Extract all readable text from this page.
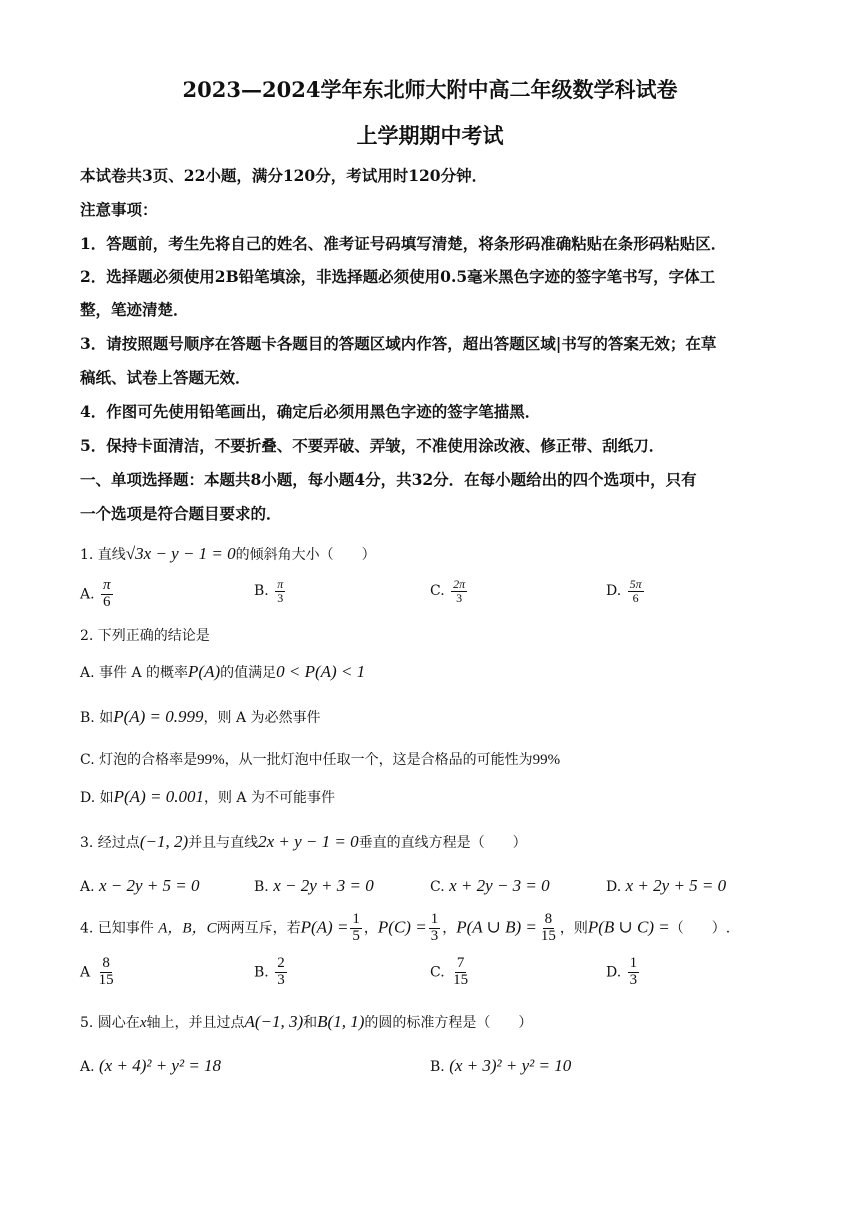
2023—2024学年东北师大附中高二年级数学科试卷
上学期期中考试
本试卷共3页、22小题，满分120分，考试用时120分钟．
注意事项：
1．答题前，考生先将自己的姓名、准考证号码填写清楚，将条形码准确粘贴在条形码粘贴区．
2．选择题必须使用2B铅笔填涂，非选择题必须使用0.5毫米黑色字迹的签字笔书写，字体工
整，笔迹清楚．
3．请按照题号顺序在答题卡各题目的答题区域内作答，超出答题区域|书写的答案无效；在草
稿纸、试卷上答题无效．
4．作图可先使用铅笔画出，确定后必须用黑色字迹的签字笔描黑．
5．保持卡面清洁，不要折叠、不要弄破、弄皱，不准使用涂改液、修正带、刮纸刀．
一、单项选择题：本题共8小题，每小题4分，共32分．在每小题给出的四个选项中，只有
一个选项是符合题目要求的．
1. 直线√3x − y − 1 = 0的倾斜角大小（　　）
A. $\frac{\pi}{6}$	B. $\frac{\pi}{3}$	C. $\frac{2\pi}{3}$	D. $\frac{5\pi}{6}$
2. 下列正确的结论是
A. 事件 A 的概率P(A)的值满足0 < P(A) < 1
B. 如P(A) = 0.999，则 A 为必然事件
C. 灯泡的合格率是99%，从一批灯泡中任取一个，这是合格品的可能性为99%
D. 如P(A) = 0.001，则 A 为不可能事件
3. 经过点(−1, 2)并且与直线2x + y − 1 = 0垂直的直线方程是（　　）
A. x − 2y + 5 = 0	B. x − 2y + 3 = 0	C. x + 2y − 3 = 0	D. x + 2y + 5 = 0
4. 已知事件 A，B，C两两互斥，若$P(A) = \frac{1}{5}$ ，$P(C) = \frac{1}{3}$ ，P(A ∪ $B) = \frac{8}{15}$ ，则P(B ∪ C) =（　　）.
A $\frac{8}{15}$	B. $\frac{2}{3}$	C. $\frac{7}{15}$	D. $\frac{1}{3}$
5. 圆心在x轴上，并且过点A(−1, 3)和B(1, 1)的圆的标准方程是（　　）
A. (x + 4)² + y² = 18	B. (x + 3)² + y² = 10
